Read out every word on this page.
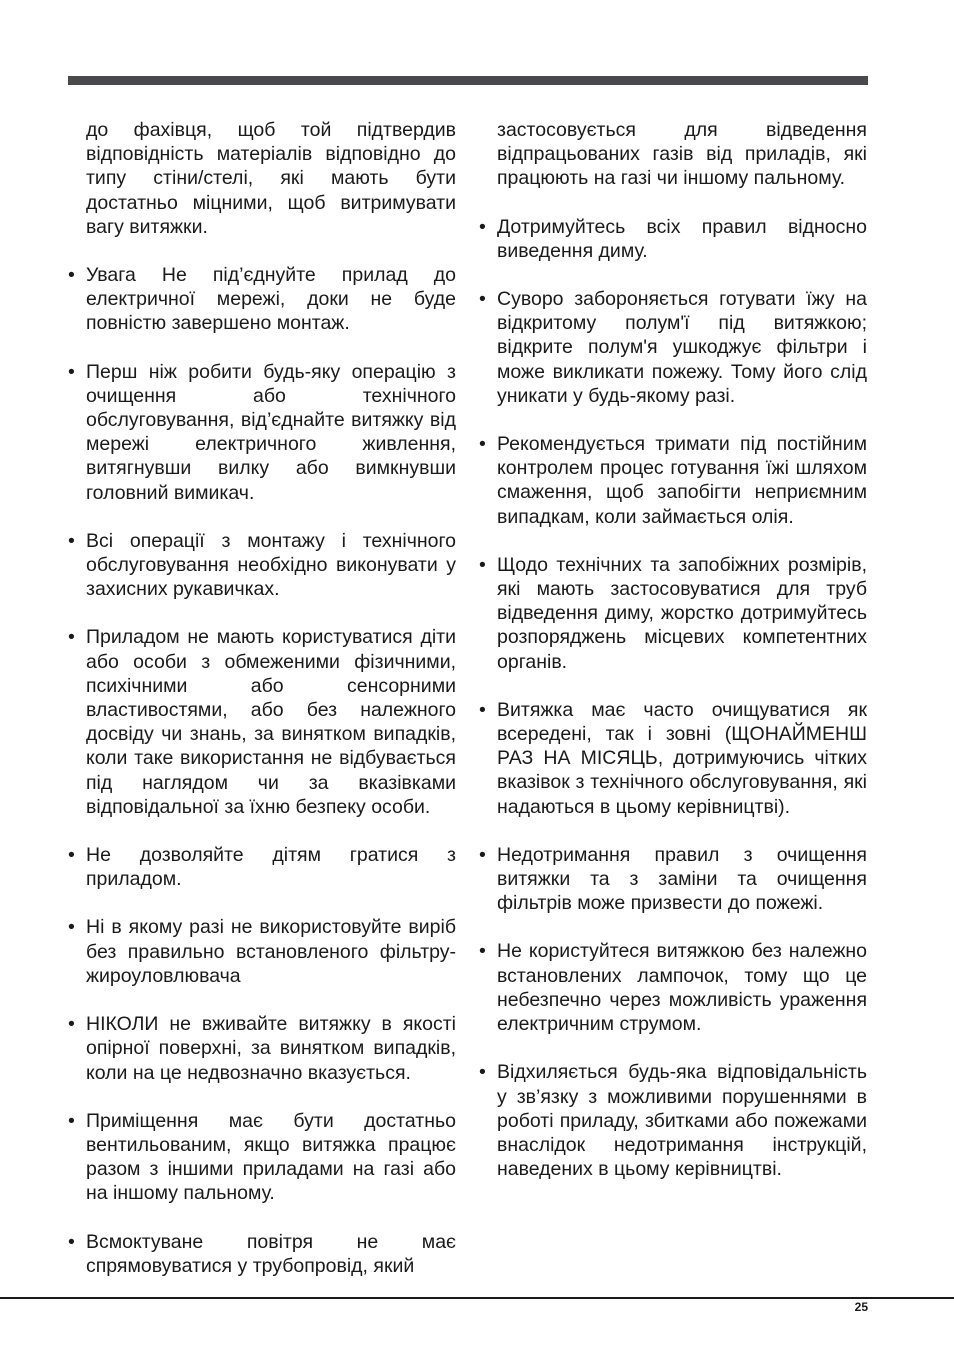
до фахівця, щоб той підтвердив відповідність матеріалів відповідно до типу стіни/стелі, які мають бути достатньо міцними, щоб витримувати вагу витяжки.

• Увага Не під’єднуйте прилад до електричної мережі, доки не буде повністю завершено монтаж.

• Перш ніж робити будь-яку операцію з очищення або технічного обслуговування, від’єднайте витяжку від мережі електричного живлення, витягнувши вилку або вимкнувши головний вимикач.

• Всі операції з монтажу і технічного обслуговування необхідно виконувати у захисних рукавичках.

• Приладом не мають користуватися діти або особи з обмеженими фізичними, психічними або сенсорними властивостями, або без належного досвіду чи знань, за винятком випадків, коли таке використання не відбувається під наглядом чи за вказівками відповідальної за їхню безпеку особи.

• Не дозволяйте дітям гратися з приладом.

• Ні в якому разі не використовуйте виріб без правильно встановленого фільтру-жироуловлювача

• НІКОЛИ не вживайте витяжку в якості опірної поверхні, за винятком випадків, коли на це недвозначно вказується.

• Приміщення має бути достатньо вентильованим, якщо витяжка працює разом з іншими приладами на газі або на іншому пальному.

• Всмоктуване повітря не має спрямовуватися у трубопровід, який

застосовується для відведення відпрацьованих газів від приладів, які працюють на газі чи іншому пальному.

• Дотримуйтесь всіх правил відносно виведення диму.

• Суворо забороняється готувати їжу на відкритому полум'ї під витяжкою; відкрите полум'я ушкоджує фільтри і може викликати пожежу. Тому його слід уникати у будь-якому разі.

• Рекомендується тримати під постійним контролем процес готування їжі шляхом смаження, щоб запобігти неприємним випадкам, коли займається олія.

• Щодо технічних та запобіжних розмірів, які мають застосовуватися для труб відведення диму, жорстко дотримуйтесь розпоряджень місцевих компетентних органів.

• Витяжка має часто очищуватися як всередені, так і зовні (ЩОНАЙМЕНШ РАЗ НА МІСЯЦЬ, дотримуючись чітких вказівок з технічного обслуговування, які надаються в цьому керівництві).

• Недотримання правил з очищення витяжки та з заміни та очищення фільтрів може призвести до пожежі.

• Не користуйтеся витяжкою без належно встановлених лампочок, тому що це небезпечно через можливість ураження електричним струмом.

• Відхиляється будь-яка відповідальність у зв’язку з можливими порушеннями в роботі приладу, збитками або пожежами внаслідок недотримання інструкцій, наведених в цьому керівництві.

25
